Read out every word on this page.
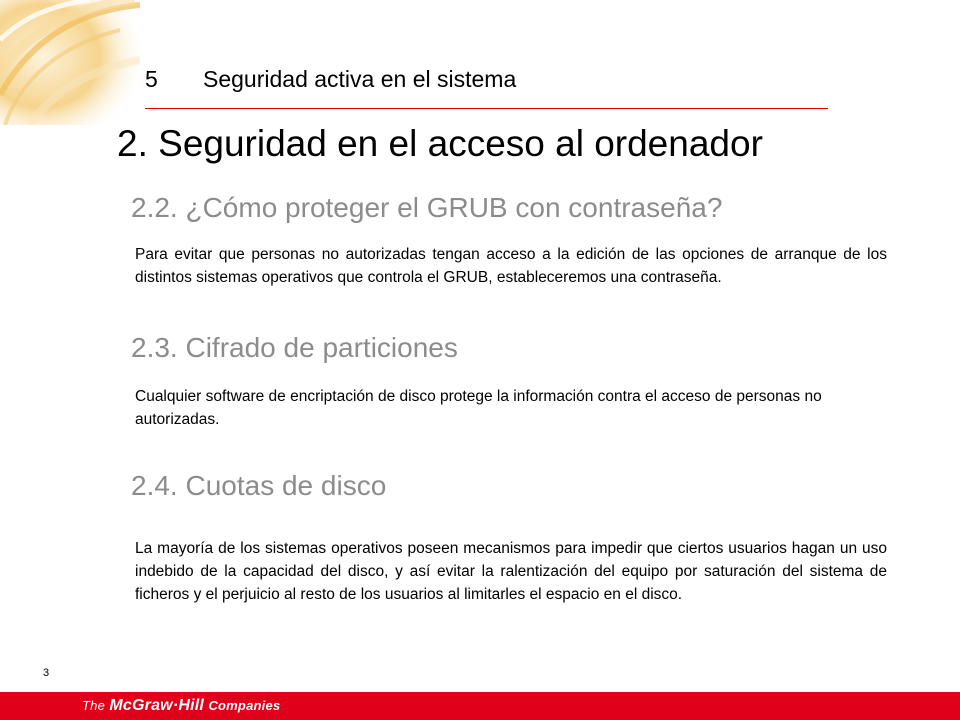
5 Seguridad activa en el sistema
2. Seguridad en el acceso al ordenador
2.2. ¿Cómo proteger el GRUB con contraseña?
Para evitar que personas no autorizadas tengan acceso a la edición de las opciones de arranque de los distintos sistemas operativos que controla el GRUB, estableceremos una contraseña.
2.3. Cifrado de particiones
Cualquier software de encriptación de disco protege la información contra el acceso de personas no autorizadas.
2.4. Cuotas de disco
La mayoría de los sistemas operativos poseen mecanismos para impedir que ciertos usuarios hagan un uso indebido de la capacidad del disco, y así evitar la ralentización del equipo por saturación del sistema de ficheros y el perjuicio al resto de los usuarios al limitarles el espacio en el disco.
3
The McGraw·Hill Companies
